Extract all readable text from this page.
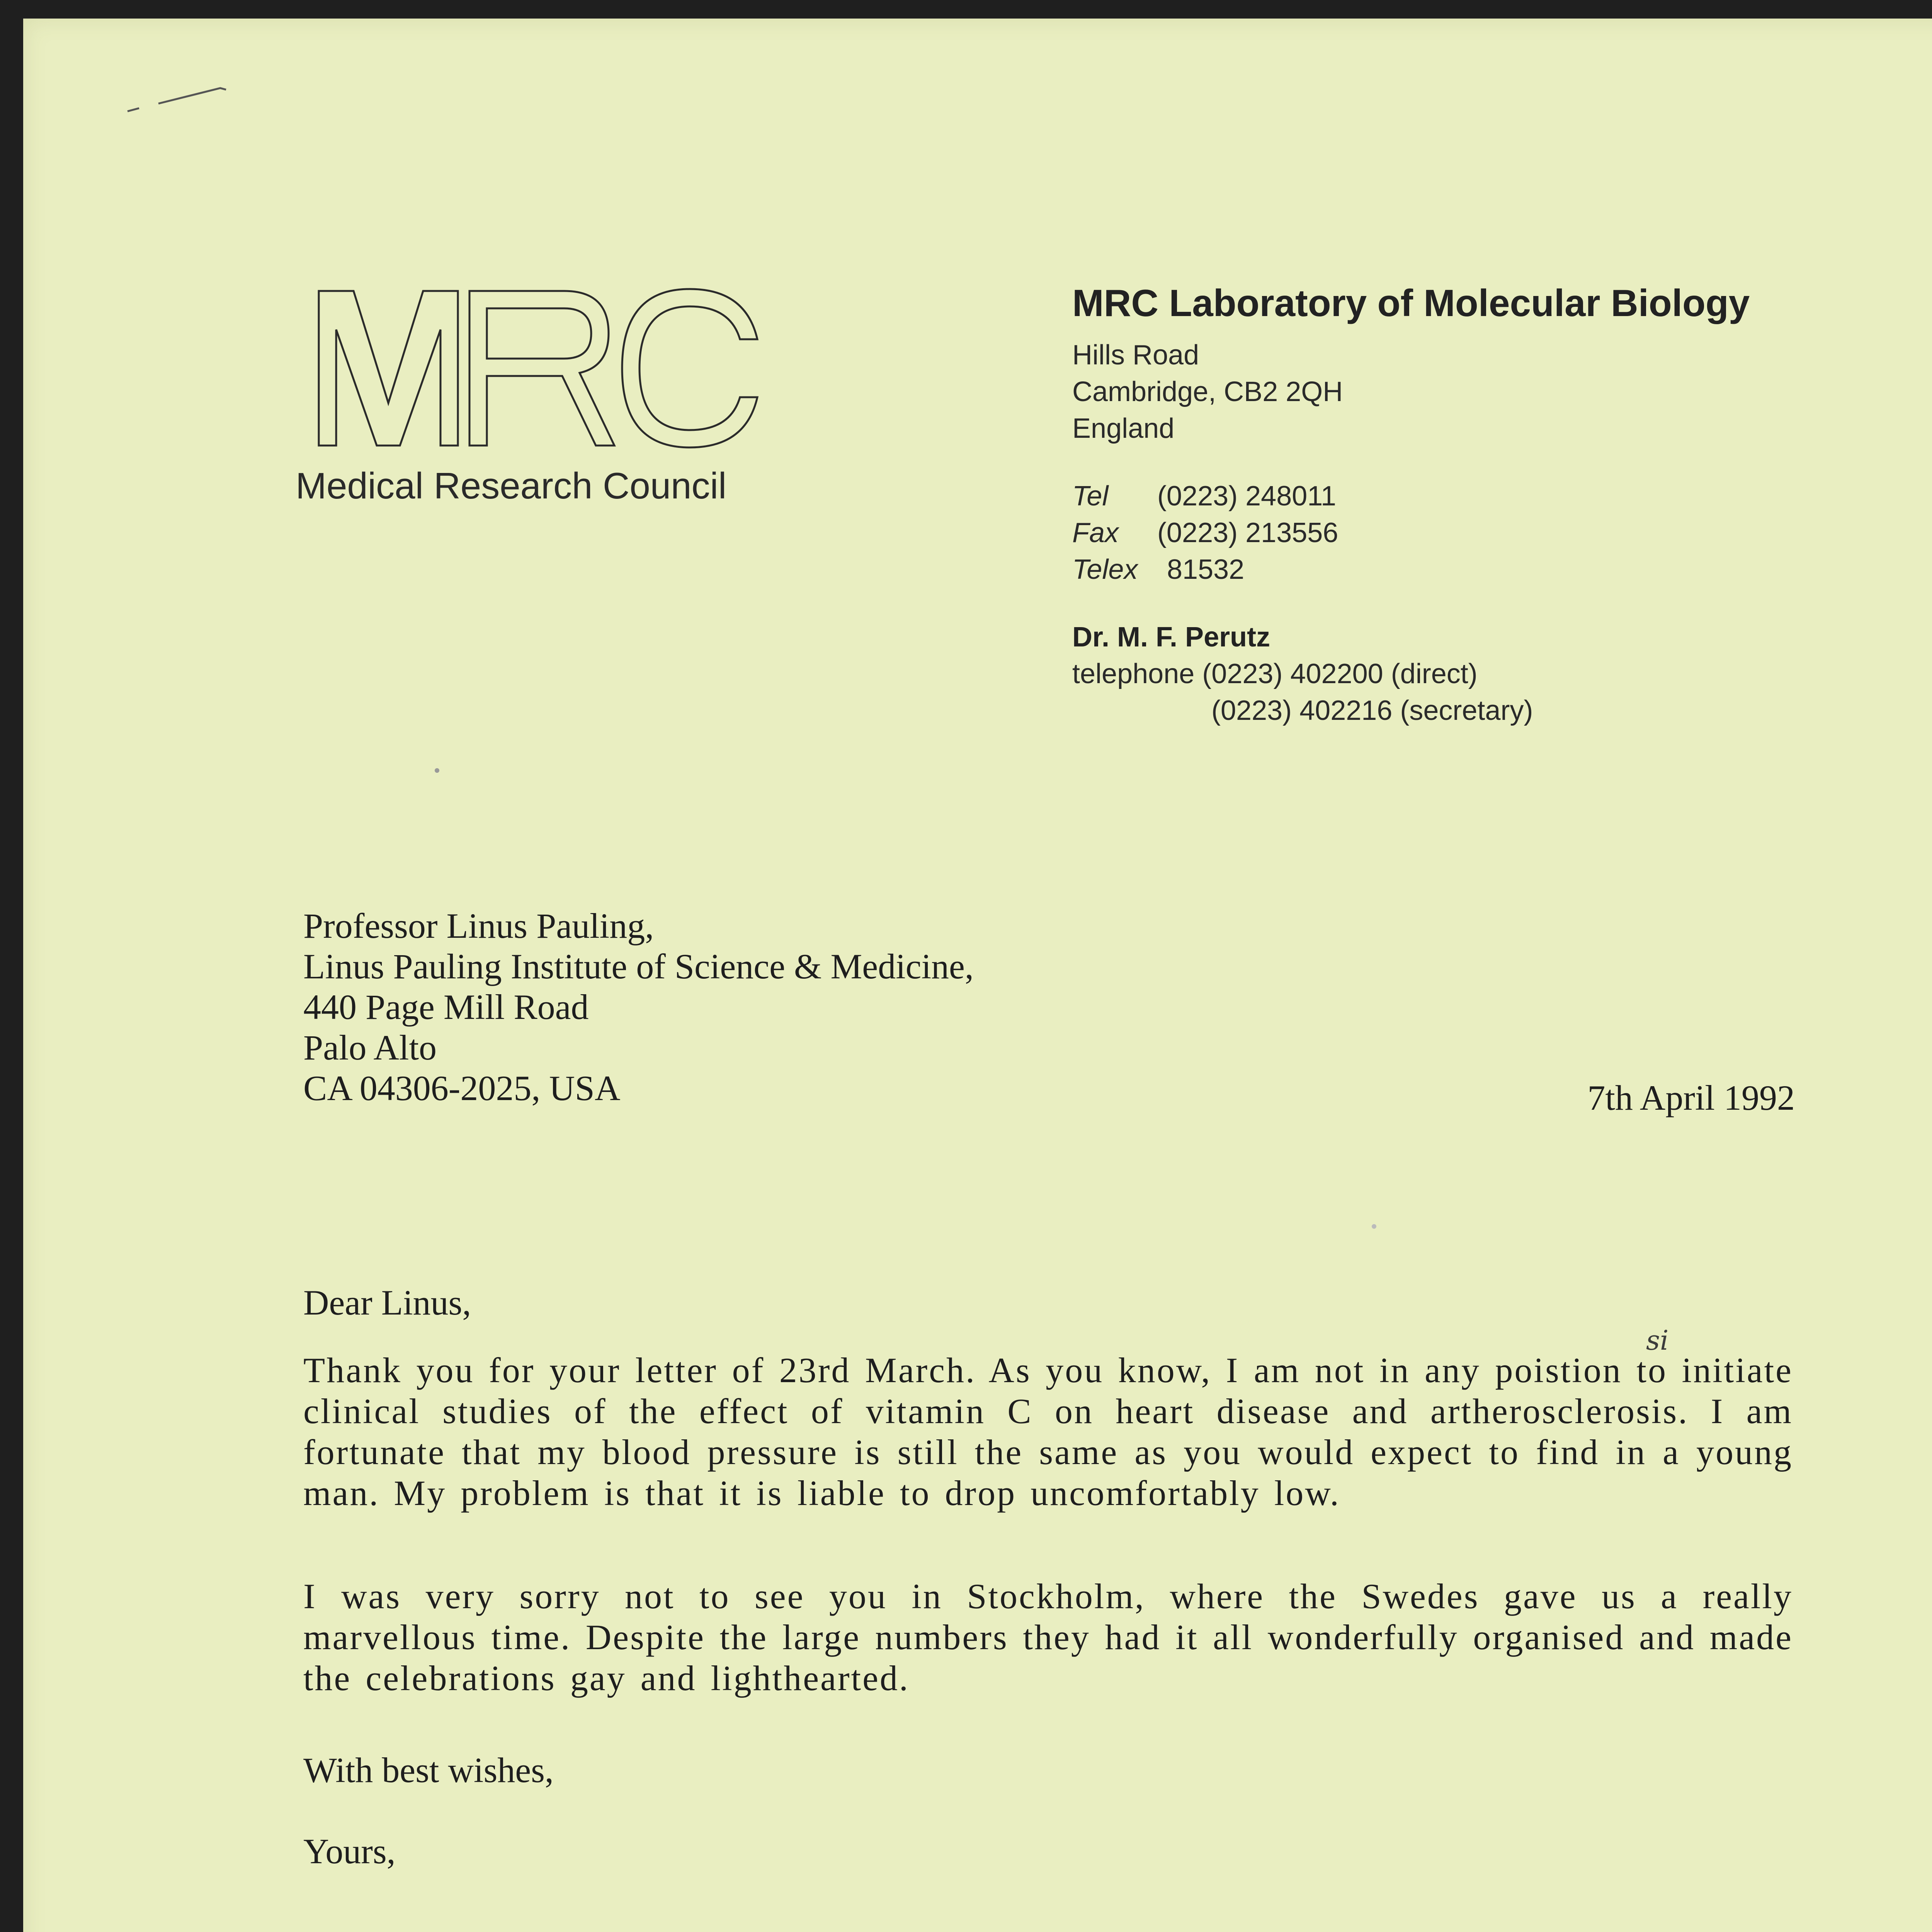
Medical Research Council
MRC Laboratory of Molecular Biology
Hills Road
Cambridge, CB2 2QH
England
Tel (0223) 248011
Fax (0223) 213556
Telex 81532
Dr. M. F. Perutz
telephone (0223) 402200 (direct)
(0223) 402216 (secretary)
Professor Linus Pauling,
Linus Pauling Institute of Science & Medicine,
440 Page Mill Road
Palo Alto
CA 04306-2025, USA	7th April 1992
Dear Linus,
si
Thank you for your letter of 23rd March. As you know, I am not in any poistion to initiate clinical studies of the effect of vitamin C on heart disease and artherosclerosis. I am fortunate that my blood pressure is still the same as you would expect to find in a young man. My problem is that it is liable to drop uncomfortably low.
I was very sorry not to see you in Stockholm, where the Swedes gave us a really marvellous time. Despite the large numbers they had it all wonderfully organised and made the celebrations gay and lighthearted.
With best wishes,
Yours,
